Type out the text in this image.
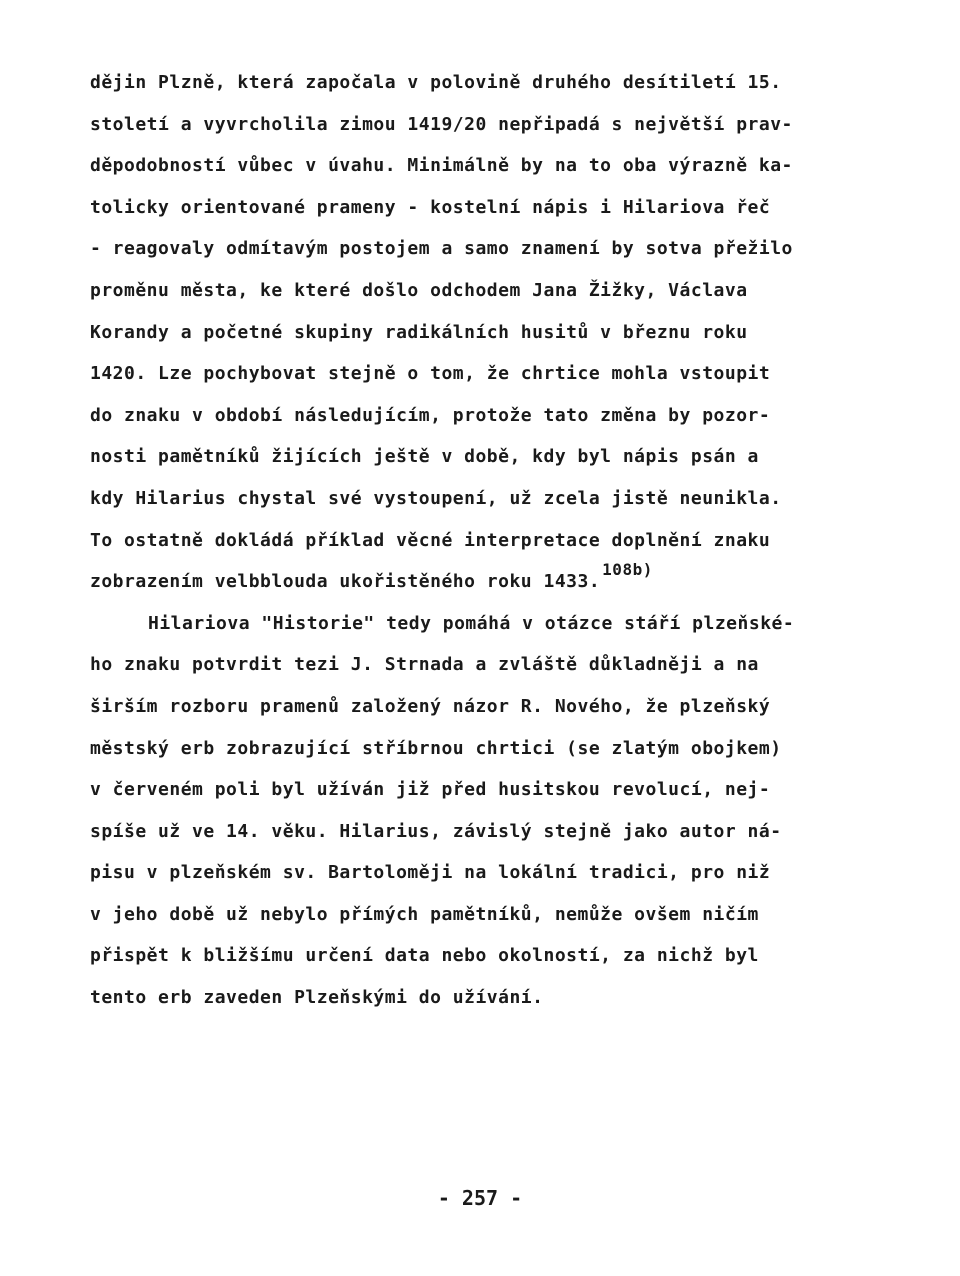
dějin Plzně, která započala v polovině druhého desítiletí 15.
století a vyvrcholila zimou 1419/20 nepřipadá s největší prav-
děpodobností vůbec v úvahu. Minimálně by na to oba výrazně ka-
tolicky orientované prameny - kostelní nápis i Hilariova řeč
- reagovaly odmítavým postojem a samo znamení by sotva přežilo
proměnu města, ke které došlo odchodem Jana Žižky, Václava
Korandy a početné skupiny radikálních husitů v březnu roku
1420. Lze pochybovat stejně o tom, že chrtice mohla vstoupit
do znaku v období následujícím, protože tato změna by pozor-
nosti pamětníků žijících ještě v době, kdy byl nápis psán a
kdy Hilarius chystal své vystoupení, už zcela jistě neunikla.
To ostatně dokládá příklad věcné interpretace doplnění znaku
zobrazením velbblouda ukořistěného roku 1433.108b)
Hilariova "Historie" tedy pomáhá v otázce stáří plzeňské-
ho znaku potvrdit tezi J. Strnada a zvláště důkladněji a na
širším rozboru pramenů založený názor R. Nového, že plzeňský
městský erb zobrazující stříbrnou chrtici (se zlatým obojkem)
v červeném poli byl užíván již před husitskou revolucí, nej-
spíše už ve 14. věku. Hilarius, závislý stejně jako autor ná-
pisu v plzeňském sv. Bartoloměji na lokální tradici, pro niž
v jeho době už nebylo přímých pamětníků, nemůže ovšem ničím
přispět k bližšímu určení data nebo okolností, za nichž byl
tento erb zaveden Plzeňskými do užívání.
- 257 -
